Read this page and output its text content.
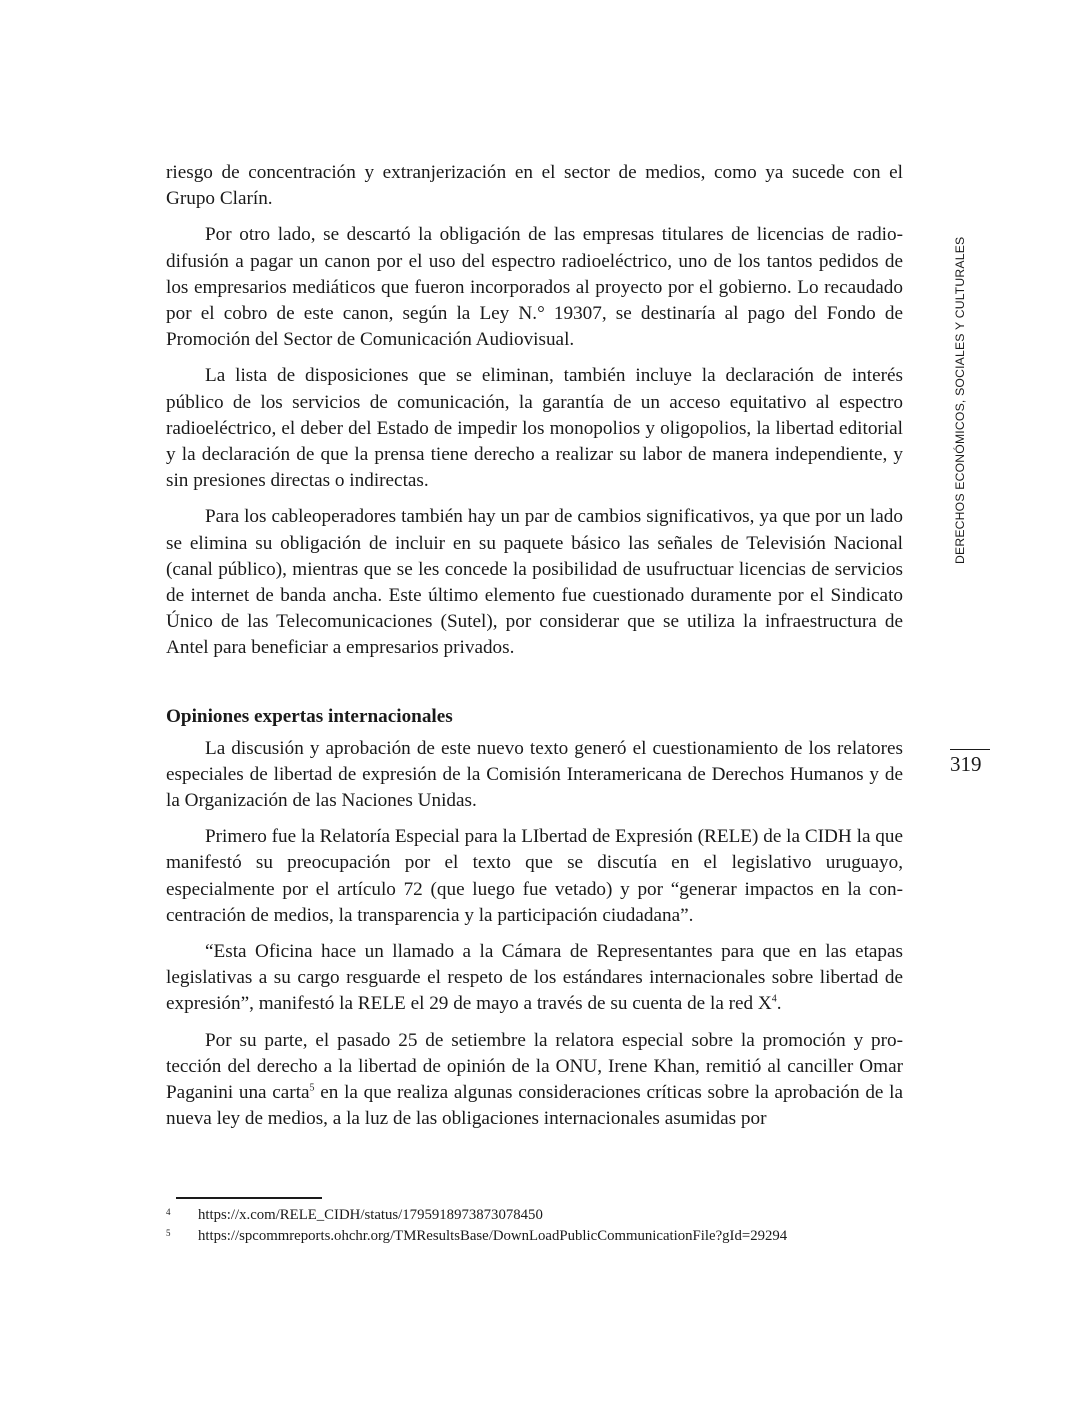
riesgo de concentración y extranjerización en el sector de medios, como ya sucede con el Grupo Clarín.

Por otro lado, se descartó la obligación de las empresas titulares de licencias de radiodifusión a pagar un canon por el uso del espectro radioeléctrico, uno de los tantos pedidos de los empresarios mediáticos que fueron incorporados al proyecto por el gobierno. Lo recaudado por el cobro de este canon, según la Ley N.° 19307, se destinaría al pago del Fondo de Promoción del Sector de Comunicación Audiovisual.

La lista de disposiciones que se eliminan, también incluye la declaración de interés público de los servicios de comunicación, la garantía de un acceso equitativo al espectro radioeléctrico, el deber del Estado de impedir los monopolios y oligopolios, la libertad editorial y la declaración de que la prensa tiene derecho a realizar su labor de manera independiente, y sin presiones directas o indirectas.

Para los cableoperadores también hay un par de cambios significativos, ya que por un lado se elimina su obligación de incluir en su paquete básico las señales de Televisión Nacional (canal público), mientras que se les concede la posibilidad de usufructuar licencias de servicios de internet de banda ancha. Este último elemento fue cuestionado duramente por el Sindicato Único de las Telecomunicaciones (Sutel), por considerar que se utiliza la infraestructura de Antel para beneficiar a empresarios privados.

Opiniones expertas internacionales

La discusión y aprobación de este nuevo texto generó el cuestionamiento de los relatores especiales de libertad de expresión de la Comisión Interamericana de Derechos Humanos y de la Organización de las Naciones Unidas.

Primero fue la Relatoría Especial para la LIbertad de Expresión (RELE) de la CIDH la que manifestó su preocupación por el texto que se discutía en el legislativo uruguayo, especialmente por el artículo 72 (que luego fue vetado) y por “generar impactos en la concentración de medios, la transparencia y la participación ciudadana”.

“Esta Oficina hace un llamado a la Cámara de Representantes para que en las etapas legislativas a su cargo resguarde el respeto de los estándares internacionales sobre libertad de expresión”, manifestó la RELE el 29 de mayo a través de su cuenta de la red $X^4$.

Por su parte, el pasado 25 de setiembre la relatora especial sobre la promoción y protección del derecho a la libertad de opinión de la ONU, Irene Khan, remitió al canciller Omar Paganini una carta$^5$ en la que realiza algunas consideraciones críticas sobre la aprobación de la nueva ley de medios, a la luz de las obligaciones internacionales asumidas por

DERECHOS ECONÓMICOS, SOCIALES Y CULTURALES
319
4 https://x.com/RELE_CIDH/status/1795918973873078450
5 https://spcommreports.ohchr.org/TMResultsBase/DownLoadPublicCommunicationFile?gId=29294
